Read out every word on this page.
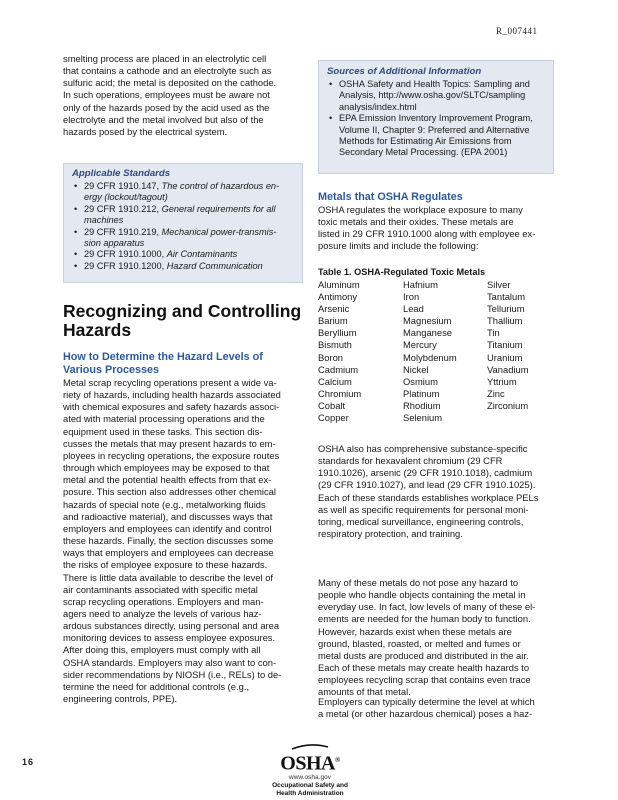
R_007441

smelting process are placed in an electrolytic cell
that contains a cathode and an electrolyte such as
sulfuric acid; the metal is deposited on the cathode.
In such operations, employees must be aware not
only of the hazards posed by the acid used as the
electrolyte and the metal involved but also of the
hazards posed by the electrical system.

Applicable Standards

• 29 CFR 1910.147, The control of hazardous en-
ergy (lockout/tagout)
• 29 CFR 1910.212, General requirements for all
machines
• 29 CFR 1910.219, Mechanical power-transmis-
sion apparatus
• 29 CFR 1910.1000, Air Contaminants
• 29 CFR 1910.1200, Hazard Communication

Recognizing and Controlling
Hazards

How to Determine the Hazard Levels of
Various Processes

Metal scrap recycling operations present a wide va-
riety of hazards, including health hazards associated
with chemical exposures and safety hazards associ-
ated with material processing operations and the
equipment used in these tasks. This section dis-
cusses the metals that may present hazards to em-
ployees in recycling operations, the exposure routes
through which employees may be exposed to that
metal and the potential health effects from that ex-
posure. This section also addresses other chemical
hazards of special note (e.g., metalworking fluids
and radioactive material), and discusses ways that
employers and employees can identify and control
these hazards. Finally, the section discusses some
ways that employers and employees can decrease
the risks of employee exposure to these hazards.
There is little data available to describe the level of
air contaminants associated with specific metal
scrap recycling operations. Employers and man-
agers need to analyze the levels of various haz-
ardous substances directly, using personal and area
monitoring devices to assess employee exposures.
After doing this, employers must comply with all
OSHA standards. Employers may also want to con-
sider recommendations by NIOSH (i.e., RELs) to de-
termine the need for additional controls (e.g.,
engineering controls, PPE).

Sources of Additional Information

• OSHA Safety and Health Topics: Sampling and
Analysis, http://www.osha.gov/SLTC/sampling
analysis/index.html
• EPA Emission Inventory Improvement Program,
Volume II, Chapter 9: Preferred and Alternative
Methods for Estimating Air Emissions from
Secondary Metal Processing. (EPA 2001)

Metals that OSHA Regulates

OSHA regulates the workplace exposure to many
toxic metals and their oxides. These metals are
listed in 29 CFR 1910.1000 along with employee ex-
posure limits and include the following:

Table 1. OSHA-Regulated Toxic Metals

Aluminum	Hafnium	Silver
Antimony	Iron	Tantalum
Arsenic	Lead	Tellurium
Barium	Magnesium	Thallium
Beryllium	Manganese	Tin
Bismuth	Mercury	Titanium
Boron	Molybdenum	Uranium
Cadmium	Nickel	Vanadium
Calcium	Osmium	Yttrium
Chromium	Platinum	Zinc
Cobalt	Rhodium	Zirconium
Copper	Selenium

OSHA also has comprehensive substance-specific
standards for hexavalent chromium (29 CFR
1910.1026), arsenic (29 CFR 1910.1018), cadmium
(29 CFR 1910.1027), and lead (29 CFR 1910.1025).
Each of these standards establishes workplace PELs
as well as specific requirements for personal moni-
toring, medical surveillance, engineering controls,
respiratory protection, and training.

Many of these metals do not pose any hazard to
people who handle objects containing the metal in
everyday use. In fact, low levels of many of these el-
ements are needed for the human body to function.
However, hazards exist when these metals are
ground, blasted, roasted, or melted and fumes or
metal dusts are produced and distributed in the air.
Each of these metals may create health hazards to
employees recycling scrap that contains even trace
amounts of that metal.

Employers can typically determine the level at which
a metal (or other hazardous chemical) poses a haz-

16	OSHA®
www.osha.gov
Occupational Safety and
Health Administration
